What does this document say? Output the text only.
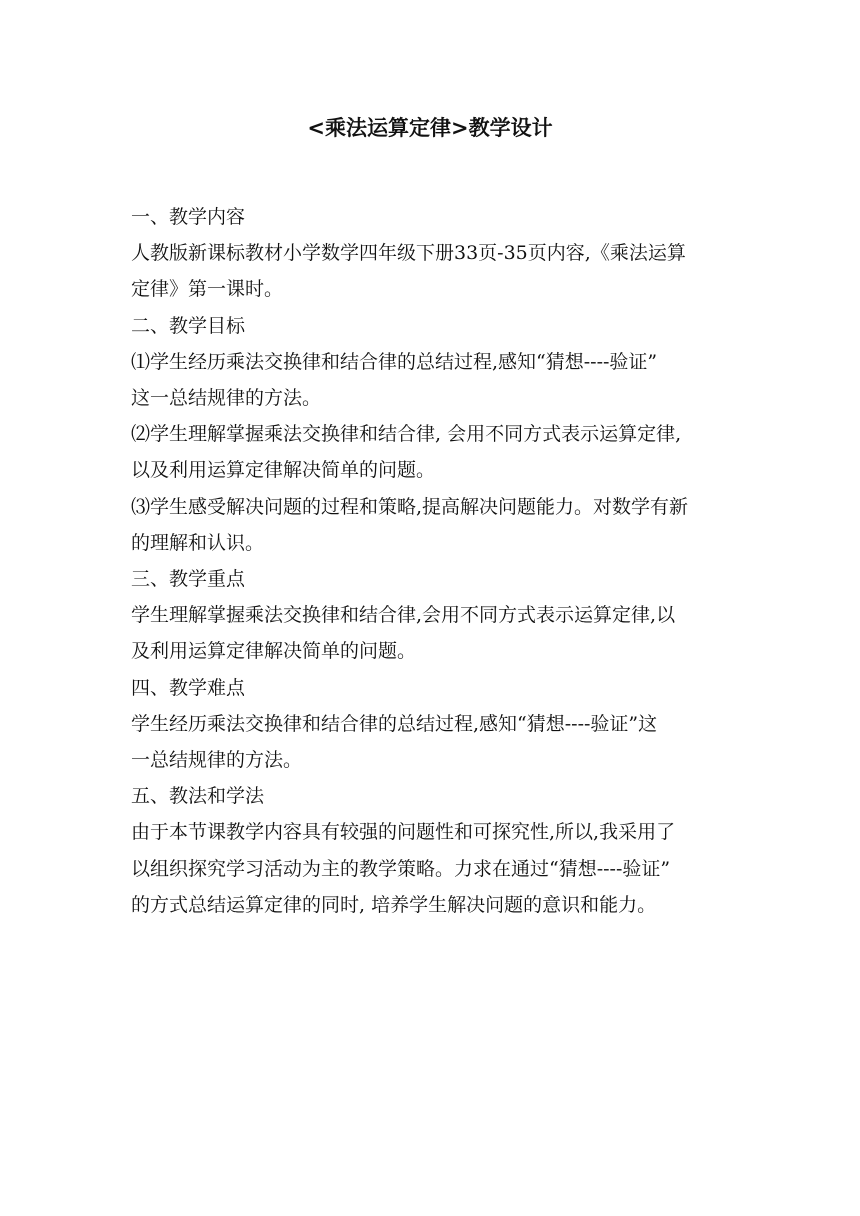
<乘法运算定律>教学设计
一、教学内容
人教版新课标教材小学数学四年级下册33页-35页内容,《乘法运算
定律》第一课时。
二、教学目标
⑴学生经历乘法交换律和结合律的总结过程,感知“猜想----验证”
这一总结规律的方法。
⑵学生理解掌握乘法交换律和结合律, 会用不同方式表示运算定律,
以及利用运算定律解决简单的问题。
⑶学生感受解决问题的过程和策略,提高解决问题能力。对数学有新
的理解和认识。
三、教学重点
学生理解掌握乘法交换律和结合律,会用不同方式表示运算定律,以
及利用运算定律解决简单的问题。
四、教学难点
学生经历乘法交换律和结合律的总结过程,感知“猜想----验证”这
一总结规律的方法。
五、教法和学法
由于本节课教学内容具有较强的问题性和可探究性,所以,我采用了
以组织探究学习活动为主的教学策略。力求在通过“猜想----验证”
的方式总结运算定律的同时, 培养学生解决问题的意识和能力。
